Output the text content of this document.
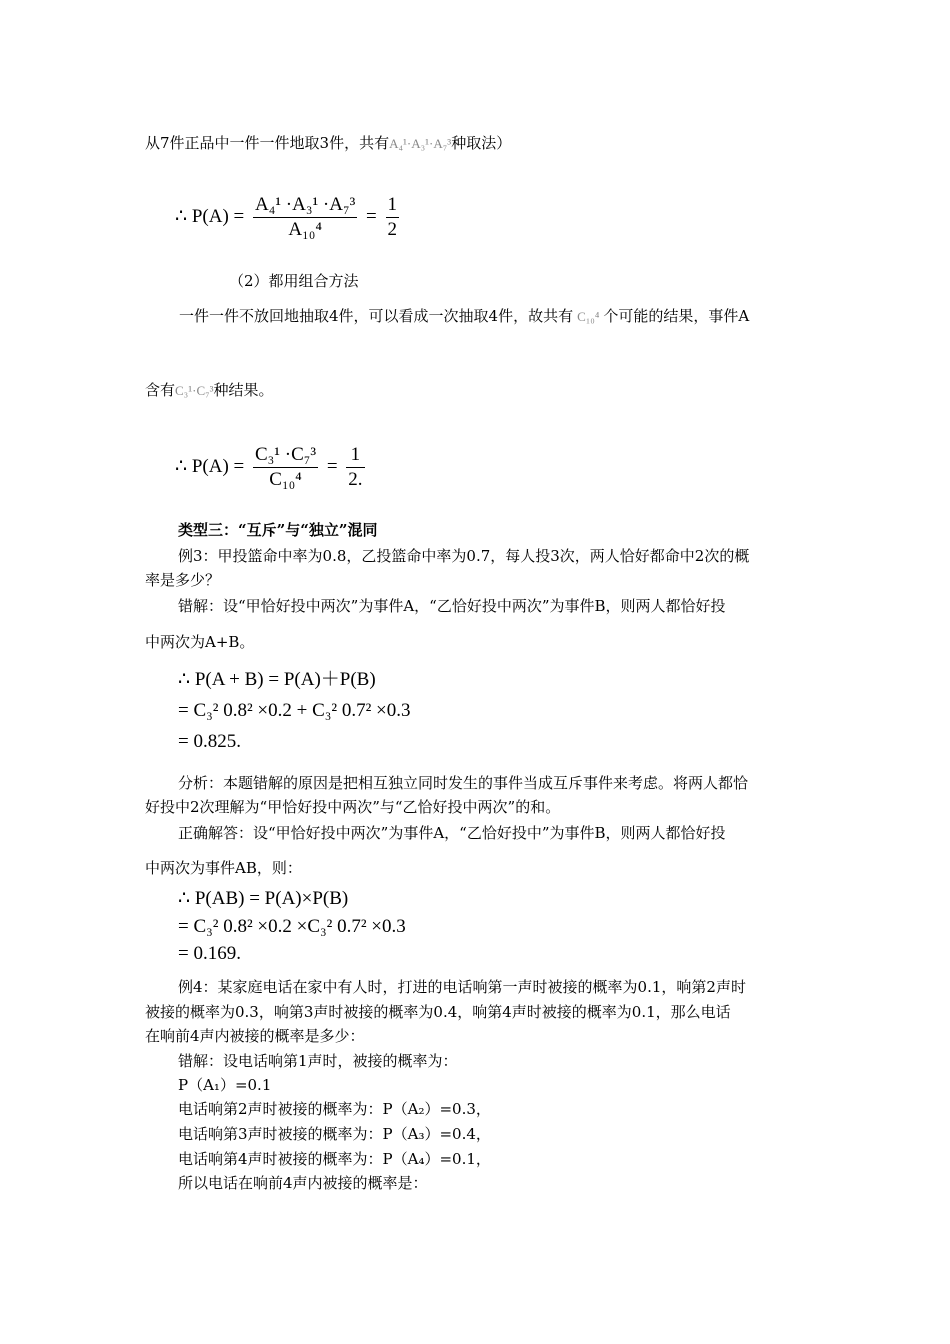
从7件正品中一件一件地取3件，共有A₄¹·A₃¹·A₇³种取法）
∴ $P(A) = \frac{\text{A₄¹ ·A₃¹ ·A₇³}}{\text{A₁₀⁴}} = \frac{1}{2}$
（2）都用组合方法
一件一件不放回地抽取4件，可以看成一次抽取4件，故共有 C₁₀⁴ 个可能的结果，事件A
含有C₃¹·C₇³种结果。
∴ $P(A) = \frac{\text{C₃¹ ·C₇³}}{\text{C₁₀⁴}} = \frac{1}{2.}$
类型三：“互斥”与“独立”混同
例3：甲投篮命中率为0.8，乙投篮命中率为0.7，每人投3次，两人恰好都命中2次的概
率是多少？
错解：设“甲恰好投中两次”为事件A，“乙恰好投中两次”为事件B，则两人都恰好投
中两次为A+B。
∴ P(A + B) = P(A)＋P(B)
= C₃² 0.8² ×0.2 + C₃² 0.7² ×0.3
= 0.825.
分析：本题错解的原因是把相互独立同时发生的事件当成互斥事件来考虑。将两人都恰
好投中2次理解为“甲恰好投中两次”与“乙恰好投中两次”的和。
正确解答：设“甲恰好投中两次”为事件A，“乙恰好投中”为事件B，则两人都恰好投
中两次为事件AB，则：
∴ P(AB) = P(A)×P(B)
= C₃² 0.8² ×0.2 ×C₃² 0.7² ×0.3
= 0.169.
例4：某家庭电话在家中有人时，打进的电话响第一声时被接的概率为0.1，响第2声时
被接的概率为0.3，响第3声时被接的概率为0.4，响第4声时被接的概率为0.1，那么电话
在响前4声内被接的概率是多少：
错解：设电话响第1声时，被接的概率为：
P（A₁）=0.1
电话响第2声时被接的概率为：P（A₂）=0.3，
电话响第3声时被接的概率为：P（A₃）=0.4，
电话响第4声时被接的概率为：P（A₄）=0.1，
所以电话在响前4声内被接的概率是：
